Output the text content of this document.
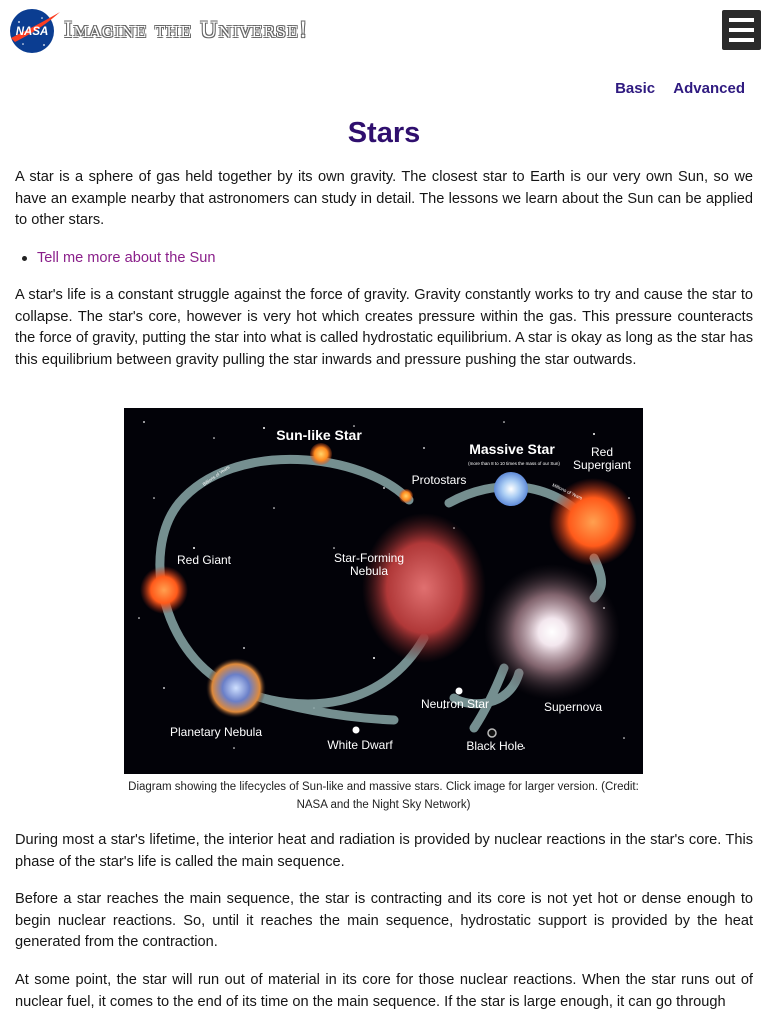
NASA Imagine the Universe!
Basic Advanced
Stars

A star is a sphere of gas held together by its own gravity. The closest star to Earth is our very own Sun, so we have an example nearby that astronomers can study in detail. The lessons we learn about the Sun can be applied to other stars.

Tell me more about the Sun

A star's life is a constant struggle against the force of gravity. Gravity constantly works to try and cause the star to collapse. The star's core, however is very hot which creates pressure within the gas. This pressure counteracts the force of gravity, putting the star into what is called hydrostatic equilibrium. A star is okay as long as the star has this equilibrium between gravity pulling the star inwards and pressure pushing the star outwards.

Sun-like Star
Massive Star
(more than 8 to 10 times the mass of our Sun)
Red
Supergiant
Protostars
Red Giant	Star-Forming
Nebula
Neutron Star	Supernova
Planetary Nebula
White Dwarf	Black Hole
Billions of Years
Millions of Years

Diagram showing the lifecycles of Sun-like and massive stars. Click image for larger version. (Credit: NASA and the Night Sky Network)

During most a star's lifetime, the interior heat and radiation is provided by nuclear reactions in the star's core. This phase of the star's life is called the main sequence.

Before a star reaches the main sequence, the star is contracting and its core is not yet hot or dense enough to begin nuclear reactions. So, until it reaches the main sequence, hydrostatic support is provided by the heat generated from the contraction.

At some point, the star will run out of material in its core for those nuclear reactions. When the star runs out of nuclear fuel, it comes to the end of its time on the main sequence. If the star is large enough, it can go through
